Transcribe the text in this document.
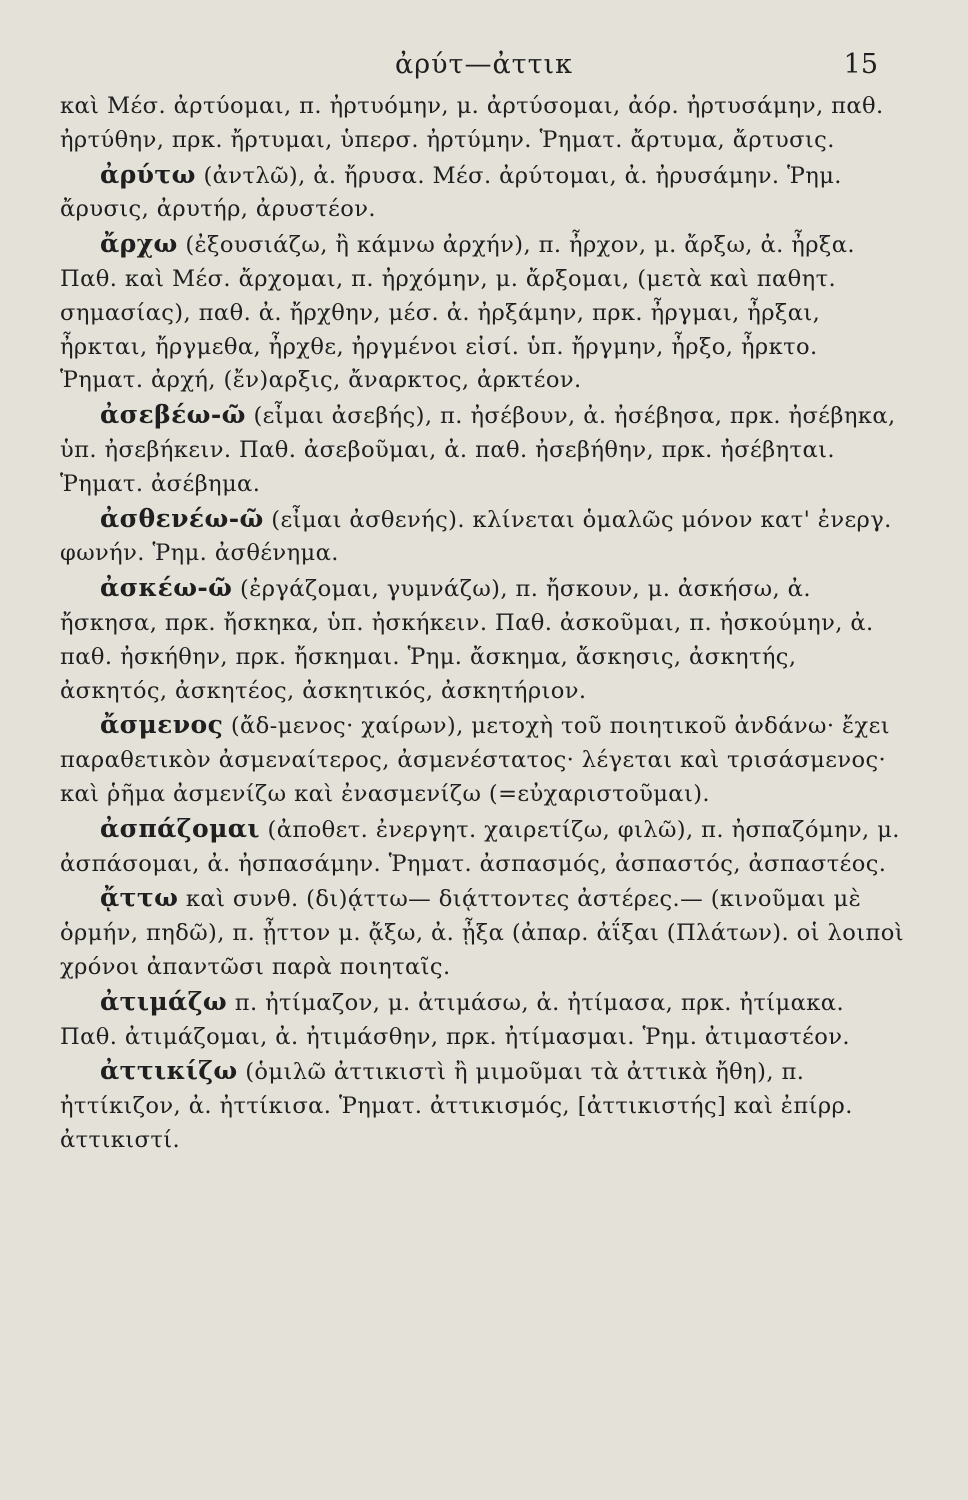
ἀρύτ—ἀττικ	15

καὶ Μέσ. ἀρτύομαι, π. ἠρτυόμην, μ. ἀρτύσομαι, ἀόρ. ἠρτυσάμην, παθ. ἠρτύθην, πρκ. ἤρτυμαι, ὑπερσ. ἠρτύμην. Ῥηματ. ἄρτυμα, ἄρτυσις.

ἀρύτω (ἀντλῶ), ἀ. ἤρυσα. Μέσ. ἀρύτομαι, ἀ. ἠρυσάμην. Ῥημ. ἄρυσις, ἀρυτήρ, ἀρυστέον.

ἄρχω (ἐξουσιάζω, ἢ κάμνω ἀρχήν), π. ἦρχον, μ. ἄρξω, ἀ. ἦρξα. Παθ. καὶ Μέσ. ἄρχομαι, π. ἠρχόμην, μ. ἄρξομαι, (μετὰ καὶ παθητ. σημασίας), παθ. ἀ. ἤρχθην, μέσ. ἀ. ἠρξάμην, πρκ. ἦργμαι, ἦρξαι, ἦρκται, ἤργμεθα, ἦρχθε, ἠργμένοι εἰσί. ὑπ. ἤργμην, ἦρξο, ἦρκτο. Ῥηματ. ἀρχή, (ἔν)αρξις, ἄναρκτος, ἀρκτέον.

ἀσεβέω-ῶ (εἶμαι ἀσεβής), π. ἠσέβουν, ἀ. ἠσέβησα, πρκ. ἠσέβηκα, ὑπ. ἠσεβήκειν. Παθ. ἀσεβοῦμαι, ἀ. παθ. ἠσεβήθην, πρκ. ἠσέβηται. Ῥηματ. ἀσέβημα.

ἀσθενέω-ῶ (εἶμαι ἀσθενής). κλίνεται ὁμαλῶς μόνον κατ' ἐνεργ. φωνήν. Ῥημ. ἀσθένημα.

ἀσκέω-ῶ (ἐργάζομαι, γυμνάζω), π. ἤσκουν, μ. ἀσκήσω, ἀ. ἤσκησα, πρκ. ἤσκηκα, ὑπ. ἠσκήκειν. Παθ. ἀσκοῦμαι, π. ἠσκούμην, ἀ. παθ. ἠσκήθην, πρκ. ἤσκημαι. Ῥημ. ἄσκημα, ἄσκησις, ἀσκητής, ἀσκητός, ἀσκητέος, ἀσκητικός, ἀσκητήριον.

ἄσμενος (ἄδ-μενος· χαίρων), μετοχὴ τοῦ ποιητικοῦ ἀνδάνω· ἔχει παραθετικὸν ἀσμεναίτερος, ἀσμενέστατος· λέγεται καὶ τρισάσμενος· καὶ ῥῆμα ἀσμενίζω καὶ ἐνασμενίζω (=εὐχαριστοῦμαι).

ἀσπάζομαι (ἀποθετ. ἐνεργητ. χαιρετίζω, φιλῶ), π. ἠσπαζόμην, μ. ἀσπάσομαι, ἀ. ἠσπασάμην. Ῥηματ. ἀσπασμός, ἀσπαστός, ἀσπαστέος.

ᾄττω καὶ συνθ. (δι)ᾴττω— διᾴττοντες ἀστέρες.— (κινοῦμαι μὲ ὁρμήν, πηδῶ), π. ᾖττον μ. ᾄξω, ἀ. ᾖξα (ἀπαρ. ἀΐξαι (Πλάτων). οἱ λοιποὶ χρόνοι ἀπαντῶσι παρὰ ποιηταῖς.

ἀτιμάζω π. ἠτίμαζον, μ. ἀτιμάσω, ἀ. ἠτίμασα, πρκ. ἠτίμακα. Παθ. ἀτιμάζομαι, ἀ. ἠτιμάσθην, πρκ. ἠτίμασμαι. Ῥημ. ἀτιμαστέον.

ἀττικίζω (ὁμιλῶ ἀττικιστὶ ἢ μιμοῦμαι τὰ ἀττικὰ ἤθη), π. ἠττίκιζον, ἀ. ἠττίκισα. Ῥηματ. ἀττικισμός, [ἀττικιστής] καὶ ἐπίρρ. ἀττικιστί.
